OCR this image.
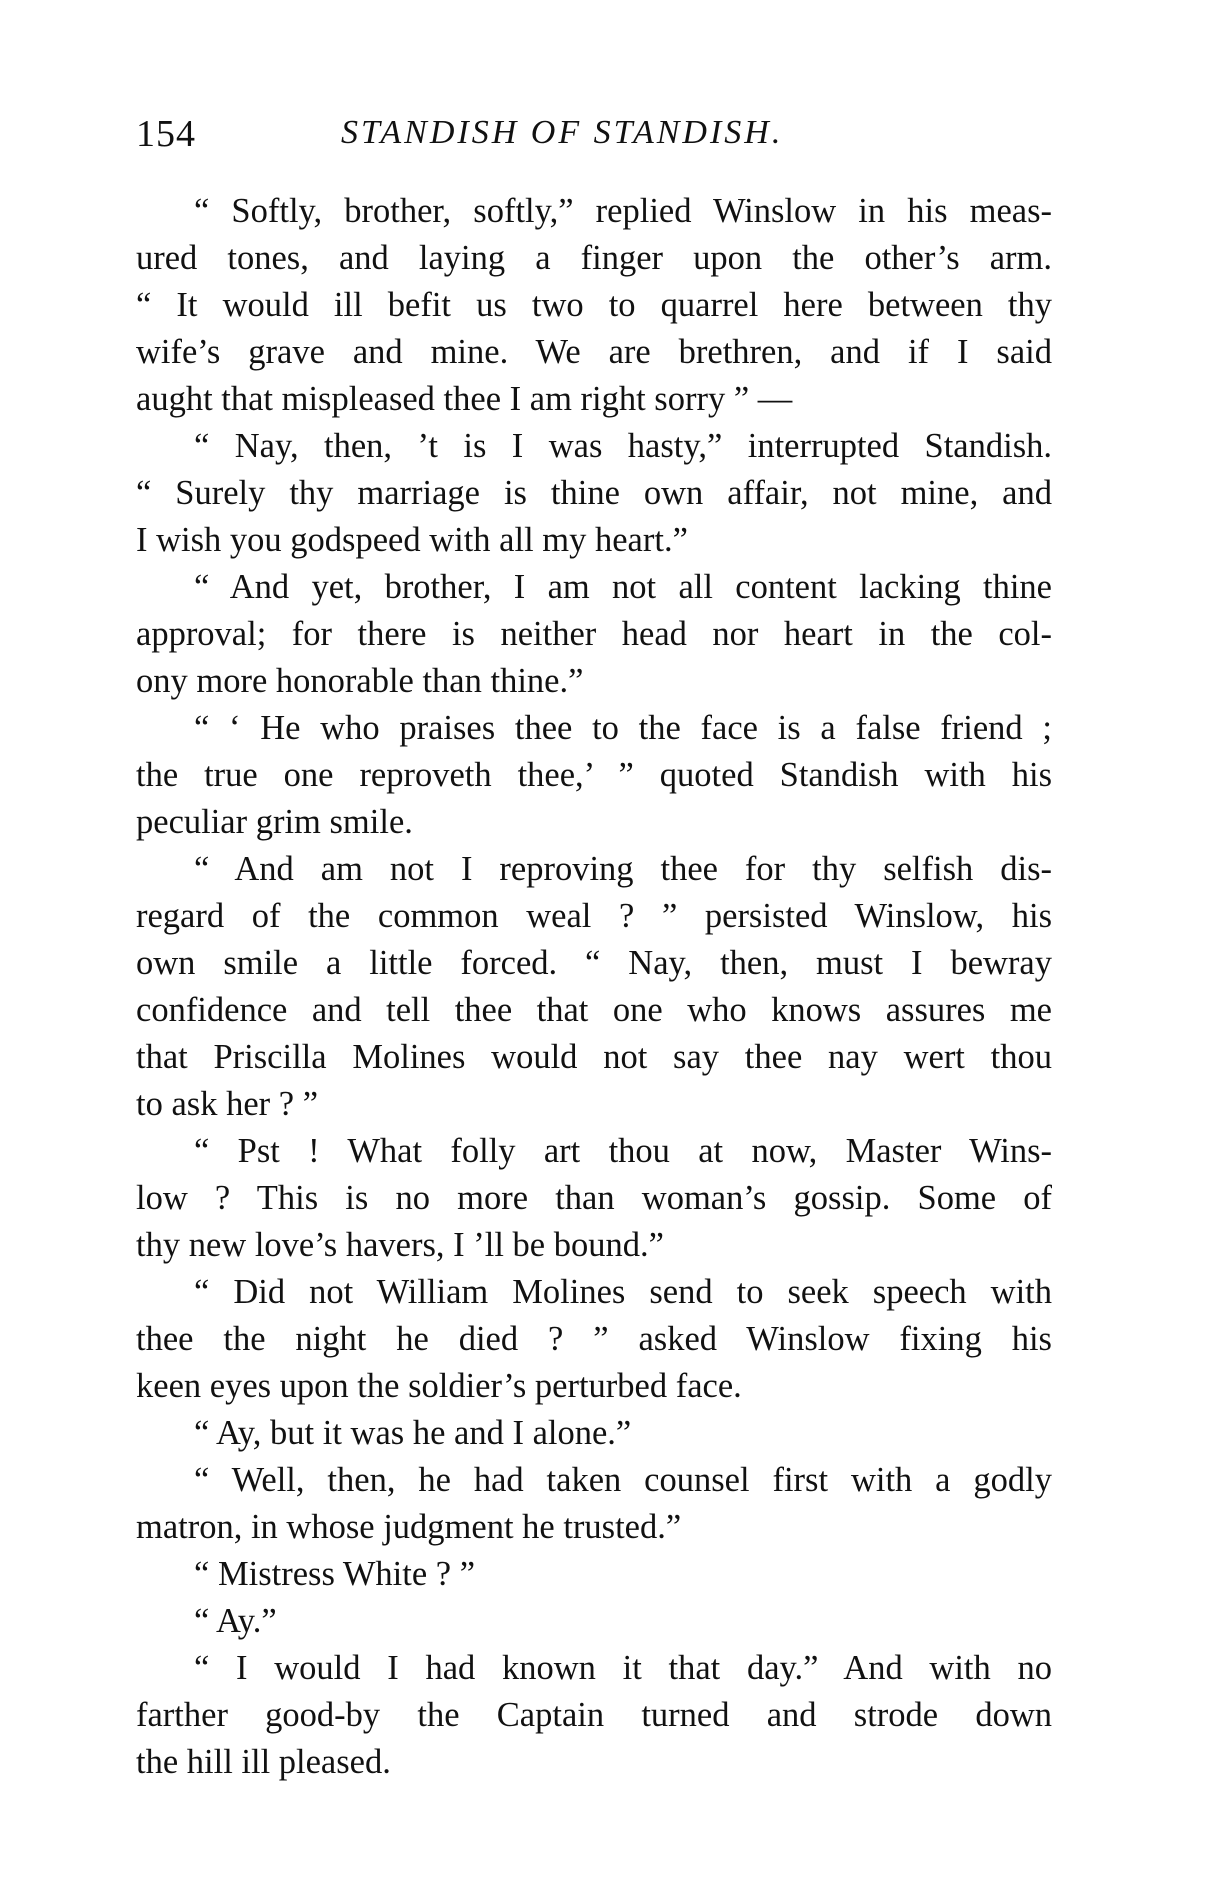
154	STANDISH OF STANDISH.
“ Softly, brother, softly,” replied Winslow in his meas-
ured tones, and laying a finger upon the other’s arm.
“ It would ill befit us two to quarrel here between thy
wife’s grave and mine. We are brethren, and if I said
aught that mispleased thee I am right sorry ” —
“ Nay, then, ’t is I was hasty,” interrupted Standish.
“ Surely thy marriage is thine own affair, not mine, and
I wish you godspeed with all my heart.”
“ And yet, brother, I am not all content lacking thine
approval; for there is neither head nor heart in the col-
ony more honorable than thine.”
“ ‘ He who praises thee to the face is a false friend ;
the true one reproveth thee,’ ” quoted Standish with his
peculiar grim smile.
“ And am not I reproving thee for thy selfish dis-
regard of the common weal ? ” persisted Winslow, his
own smile a little forced. “ Nay, then, must I bewray
confidence and tell thee that one who knows assures me
that Priscilla Molines would not say thee nay wert thou
to ask her ? ”
“ Pst ! What folly art thou at now, Master Wins-
low ? This is no more than woman’s gossip. Some of
thy new love’s havers, I ’ll be bound.”
“ Did not William Molines send to seek speech with
thee the night he died ? ” asked Winslow fixing his
keen eyes upon the soldier’s perturbed face.
“ Ay, but it was he and I alone.”
“ Well, then, he had taken counsel first with a godly
matron, in whose judgment he trusted.”
“ Mistress White ? ”
“ Ay.”
“ I would I had known it that day.” And with no
farther good-by the Captain turned and strode down
the hill ill pleased.
